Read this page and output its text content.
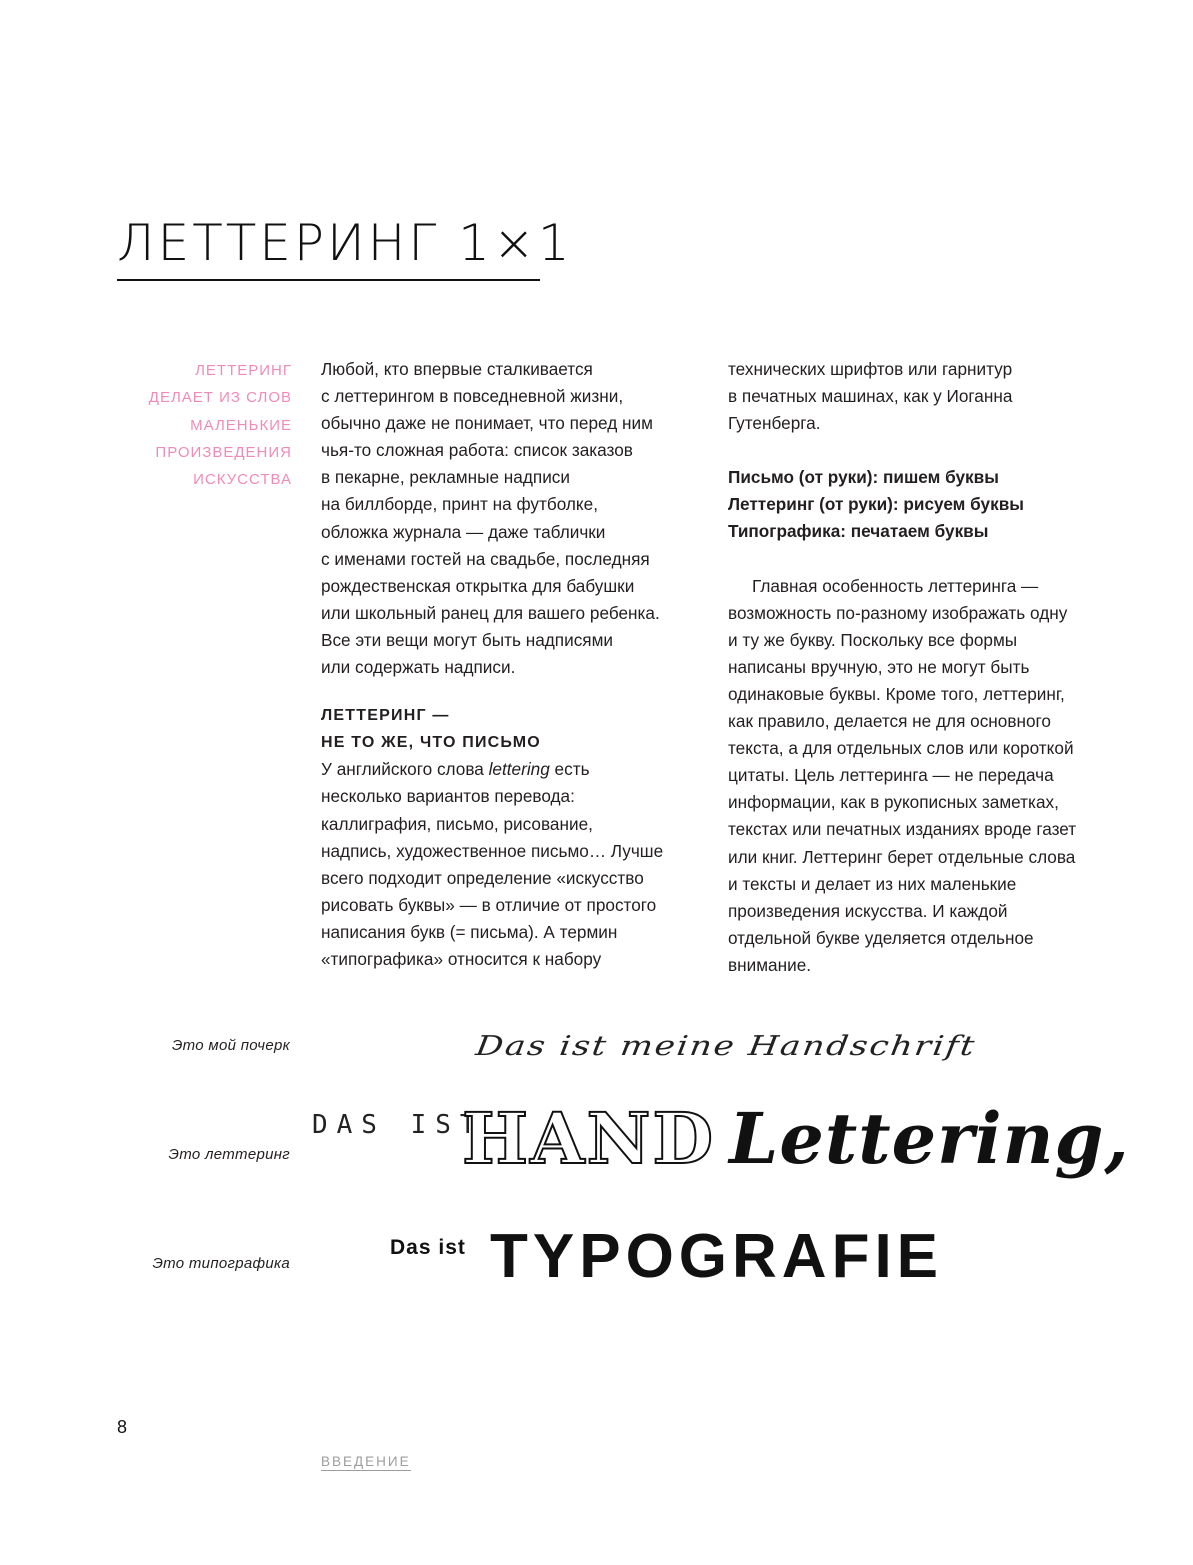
ЛЕТТЕРИНГ 1×1
ЛЕТТЕРИНГ
ДЕЛАЕТ ИЗ СЛОВ
МАЛЕНЬКИЕ
ПРОИЗВЕДЕНИЯ
ИСКУССТВА

Любой, кто впервые сталкивается

с леттерингом в повседневной жизни,

обычно даже не понимает, что перед ним

чья-то сложная работа: список заказов

в пекарне, рекламные надписи

на биллборде, принт на футболке,

обложка журнала — даже таблички

с именами гостей на свадьбе, последняя

рождественская открытка для бабушки

или школьный ранец для вашего ребенка.

Все эти вещи могут быть надписями

или содержать надписи.

ЛЕТТЕРИНГ —

НЕ ТО ЖЕ, ЧТО ПИСЬМО

У английского слова lettering есть

несколько вариантов перевода:

каллиграфия, письмо, рисование,

надпись, художественное письмо… Лучше

всего подходит определение «искусство

рисовать буквы» — в отличие от простого

написания букв (= письма). А термин

«типографика» относится к набору

технических шрифтов или гарнитур

в печатных машинах, как у Иоганна

Гутенберга.

Письмо (от руки): пишем буквы

Леттеринг (от руки): рисуем буквы

Типографика: печатаем буквы

Главная особенность леттеринга —

возможность по-разному изображать одну

и ту же букву. Поскольку все формы

написаны вручную, это не могут быть

одинаковые буквы. Кроме того, леттеринг,

как правило, делается не для основного

текста, а для отдельных слов или короткой

цитаты. Цель леттеринга — не передача

информации, как в рукописных заметках,

текстах или печатных изданиях вроде газет

или книг. Леттеринг берет отдельные слова

и тексты и делает из них маленькие

произведения искусства. И каждой

отдельной букве уделяется отдельное

внимание.

Это мой почерк	Das ist meine Handschrift
Это леттеринг
DAS IST
HAND Lettering,
Это типографика
Das ist TYPOGRAFIE
8
ВВЕДЕНИЕ
